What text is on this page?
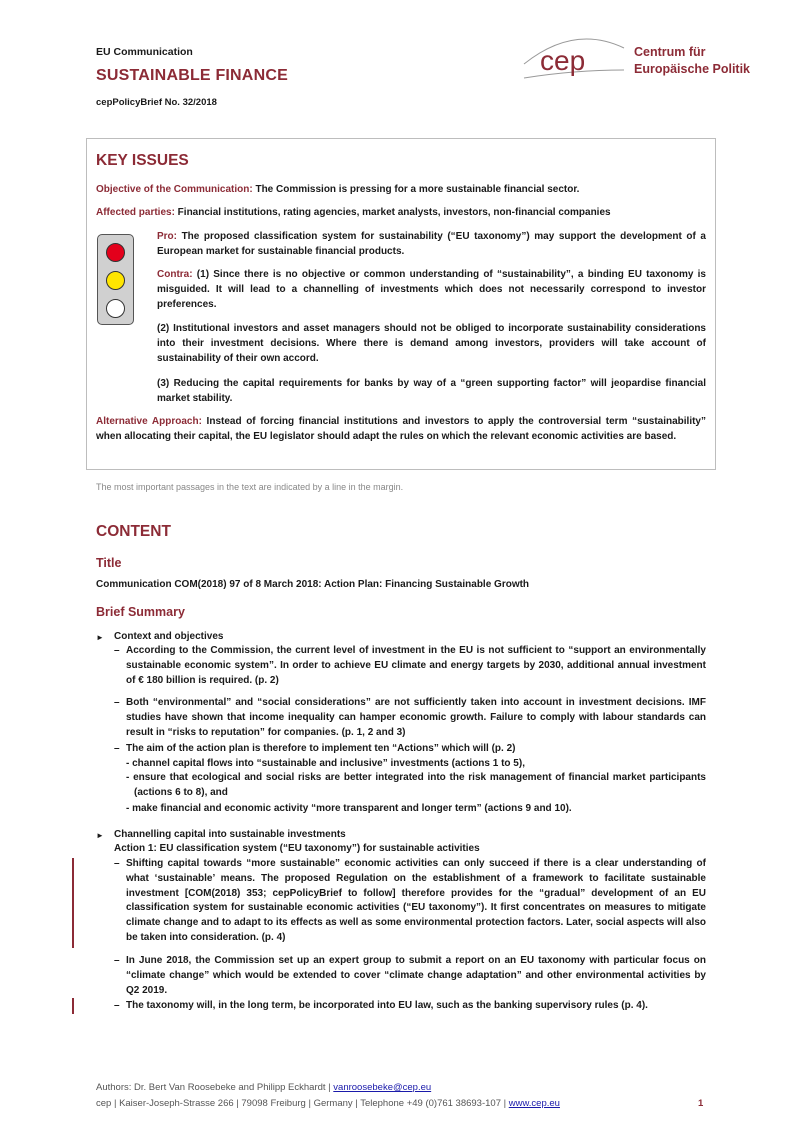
EU Communication
SUSTAINABLE FINANCE
cepPolicyBrief No. 32/2018
cep	Centrum für
Europäische Politik
KEY ISSUES
Objective of the Communication: The Commission is pressing for a more sustainable financial sector.
Affected parties: Financial institutions, rating agencies, market analysts, investors, non-financial companies
Pro: The proposed classification system for sustainability (“EU taxonomy”) may support the development of a European market for sustainable financial products.
Contra: (1) Since there is no objective or common understanding of “sustainability”, a binding EU taxonomy is misguided. It will lead to a channelling of investments which does not necessarily correspond to investor preferences.
(2) Institutional investors and asset managers should not be obliged to incorporate sustainability considerations into their investment decisions. Where there is demand among investors, providers will take account of sustainability of their own accord.
(3) Reducing the capital requirements for banks by way of a “green supporting factor” will jeopardise financial market stability.
Alternative Approach: Instead of forcing financial institutions and investors to apply the controversial term “sustainability” when allocating their capital, the EU legislator should adapt the rules on which the relevant economic activities are based.
The most important passages in the text are indicated by a line in the margin.
CONTENT
Title
Communication COM(2018) 97 of 8 March 2018: Action Plan: Financing Sustainable Growth
Brief Summary
► Context and objectives
– According to the Commission, the current level of investment in the EU is not sufficient to “support an environmentally sustainable economic system”. In order to achieve EU climate and energy targets by 2030, additional annual investment of € 180 billion is required. (p. 2)
– Both “environmental” and “social considerations” are not sufficiently taken into account in investment decisions. IMF studies have shown that income inequality can hamper economic growth. Failure to comply with labour standards can result in “risks to reputation” for companies. (p. 1, 2 and 3)
– The aim of the action plan is therefore to implement ten “Actions” which will (p. 2)
- channel capital flows into “sustainable and inclusive” investments (actions 1 to 5),
- ensure that ecological and social risks are better integrated into the risk management of financial market participants (actions 6 to 8), and
- make financial and economic activity “more transparent and longer term” (actions 9 and 10).
► Channelling capital into sustainable investments
Action 1: EU classification system (“EU taxonomy”) for sustainable activities
– Shifting capital towards “more sustainable” economic activities can only succeed if there is a clear understanding of what ‘sustainable’ means. The proposed Regulation on the establishment of a framework to facilitate sustainable investment [COM(2018) 353; cepPolicyBrief to follow] therefore provides for the “gradual” development of an EU classification system for sustainable economic activities (“EU taxonomy”). It first concentrates on measures to mitigate climate change and to adapt to its effects as well as some environmental protection factors. Later, social aspects will also be taken into consideration. (p. 4)
– In June 2018, the Commission set up an expert group to submit a report on an EU taxonomy with particular focus on “climate change” which would be extended to cover “climate change adaptation” and other environmental activities by Q2 2019.
– The taxonomy will, in the long term, be incorporated into EU law, such as the banking supervisory rules (p. 4).
Authors: Dr. Bert Van Roosebeke and Philipp Eckhardt | vanroosebeke@cep.eu
cep | Kaiser-Joseph-Strasse 266 | 79098 Freiburg | Germany | Telephone +49 (0)761 38693-107 | www.cep.eu	1
